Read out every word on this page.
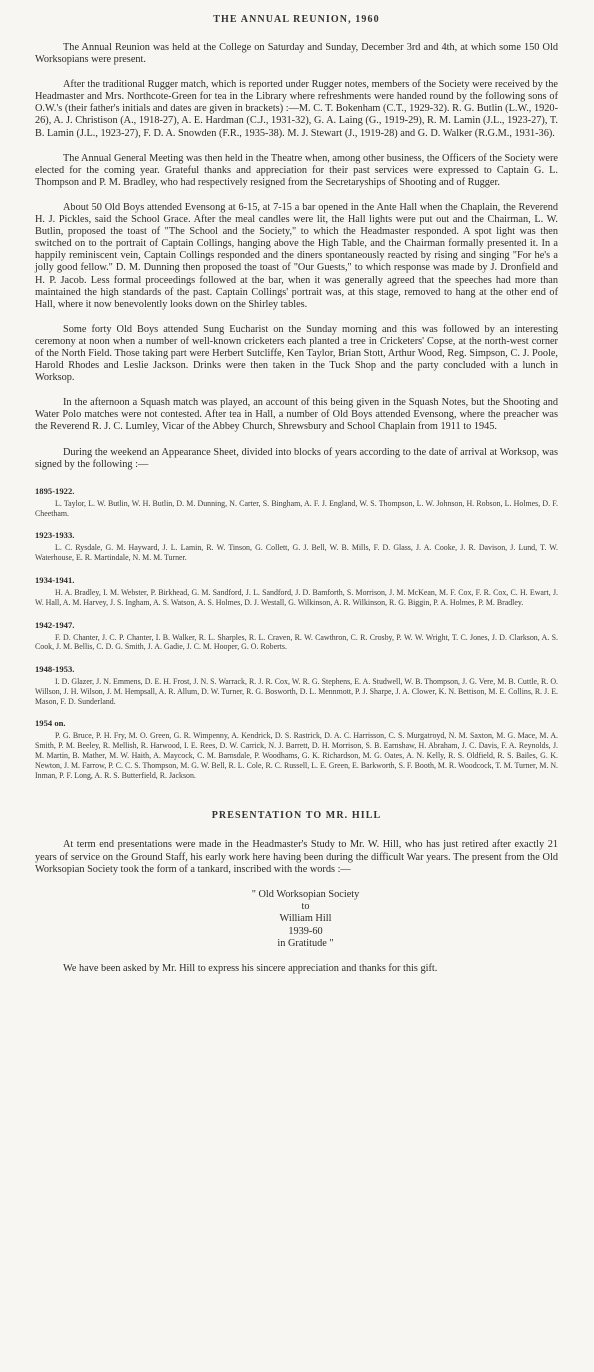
THE ANNUAL REUNION, 1960

The Annual Reunion was held at the College on Saturday and Sunday, December 3rd and 4th, at which some 150 Old Worksopians were present.

After the traditional Rugger match, which is reported under Rugger notes, members of the Society were received by the Headmaster and Mrs. Northcote-Green for tea in the Library where refreshments were handed round by the following sons of O.W.'s (their father's initials and dates are given in brackets) :—M. C. T. Bokenham (C.T., 1929-32). R. G. Butlin (L.W., 1920-26), A. J. Christison (A., 1918-27), A. E. Hardman (C.J., 1931-32), G. A. Laing (G., 1919-29), R. M. Lamin (J.L., 1923-27), T. B. Lamin (J.L., 1923-27), F. D. A. Snowden (F.R., 1935-38). M. J. Stewart (J., 1919-28) and G. D. Walker (R.G.M., 1931-36).

The Annual General Meeting was then held in the Theatre when, among other business, the Officers of the Society were elected for the coming year. Grateful thanks and appreciation for their past services were expressed to Captain G. L. Thompson and P. M. Bradley, who had respectively resigned from the Secretaryships of Shooting and of Rugger.

About 50 Old Boys attended Evensong at 6-15, at 7-15 a bar opened in the Ante Hall when the Chaplain, the Reverend H. J. Pickles, said the School Grace. After the meal candles were lit, the Hall lights were put out and the Chairman, L. W. Butlin, proposed the toast of "The School and the Society," to which the Headmaster responded. A spot light was then switched on to the portrait of Captain Collings, hanging above the High Table, and the Chairman formally presented it. In a happily reminiscent vein, Captain Collings responded and the diners spontaneously reacted by rising and singing "For he's a jolly good fellow." D. M. Dunning then proposed the toast of "Our Guests," to which response was made by J. Dronfield and H. P. Jacob. Less formal proceedings followed at the bar, when it was generally agreed that the speeches had more than maintained the high standards of the past. Captain Collings' portrait was, at this stage, removed to hang at the other end of Hall, where it now benevolently looks down on the Shirley tables.

Some forty Old Boys attended Sung Eucharist on the Sunday morning and this was followed by an interesting ceremony at noon when a number of well-known cricketers each planted a tree in Cricketers' Copse, at the north-west corner of the North Field. Those taking part were Herbert Sutcliffe, Ken Taylor, Brian Stott, Arthur Wood, Reg. Simpson, C. J. Poole, Harold Rhodes and Leslie Jackson. Drinks were then taken in the Tuck Shop and the party concluded with a lunch in Worksop.

In the afternoon a Squash match was played, an account of this being given in the Squash Notes, but the Shooting and Water Polo matches were not contested. After tea in Hall, a number of Old Boys attended Evensong, where the preacher was the Reverend R. J. C. Lumley, Vicar of the Abbey Church, Shrewsbury and School Chaplain from 1911 to 1945.

During the weekend an Appearance Sheet, divided into blocks of years according to the date of arrival at Worksop, was signed by the following :—

1895-1922.

L. Taylor, L. W. Butlin, W. H. Butlin, D. M. Dunning, N. Carter, S. Bingham, A. F. J. England, W. S. Thompson, L. W. Johnson, H. Robson, L. Holmes, D. F. Cheetham.

1923-1933.

L. C. Rysdale, G. M. Hayward, J. L. Lamin, R. W. Tinson, G. Collett, G. J. Bell, W. B. Mills, F. D. Glass, J. A. Cooke, J. R. Davison, J. Lund, T. W. Waterhouse, E. R. Martindale, N. M. M. Turner.

1934-1941.

H. A. Bradley, I. M. Webster, P. Birkhead, G. M. Sandford, J. L. Sandford, J. D. Bamforth, S. Morrison, J. M. McKean, M. F. Cox, F. R. Cox, C. H. Ewart, J. W. Hall, A. M. Harvey, J. S. Ingham, A. S. Watson, A. S. Holmes, D. J. Westall, G. Wilkinson, A. R. Wilkinson, R. G. Biggin, P. A. Holmes, P. M. Bradley.

1942-1947.

F. D. Chanter, J. C. P. Chanter, I. B. Walker, R. L. Sharples, R. L. Craven, R. W. Cawthron, C. R. Crosby, P. W. W. Wright, T. C. Jones, J. D. Clarkson, A. S. Cook, J. M. Bellis, C. D. G. Smith, J. A. Gadie, J. C. M. Hooper, G. O. Roberts.

1948-1953.

I. D. Glazer, J. N. Emmens, D. E. H. Frost, J. N. S. Warrack, R. J. R. Cox, W. R. G. Stephens, E. A. Studwell, W. B. Thompson, J. G. Vere, M. B. Cuttle, R. O. Willson, J. H. Wilson, J. M. Hempsall, A. R. Allum, D. W. Turner, R. G. Bosworth, D. L. Mennmott, P. J. Sharpe, J. A. Clower, K. N. Bettison, M. E. Collins, R. J. E. Mason, F. D. Sunderland.

1954 on.

P. G. Bruce, P. H. Fry, M. O. Green, G. R. Wimpenny, A. Kendrick, D. S. Rastrick, D. A. C. Harrisson, C. S. Murgatroyd, N. M. Saxton, M. G. Mace, M. A. Smith, P. M. Beeley, R. Mellish, R. Harwood, I. E. Rees, D. W. Carrick, N. J. Barrett, D. H. Morrison, S. B. Earnshaw, H. Abraham, J. C. Davis, F. A. Reynolds, J. M. Martin, B. Mather, M. W. Haith, A. Maycock, C. M. Barnsdale, P. Woodhams, G. K. Richardson, M. G. Oates, A. N. Kelly, R. S. Oldfield, R. S. Bailes, G. K. Newton, J. M. Farrow, P. C. C. S. Thompson, M. G. W. Bell, R. L. Cole, R. C. Russell, L. E. Green, E. Barkworth, S. F. Booth, M. R. Woodcock, T. M. Turner, M. N. Inman, P. F. Long, A. R. S. Butterfield, R. Jackson.

PRESENTATION TO MR. HILL

At term end presentations were made in the Headmaster's Study to Mr. W. Hill, who has just retired after exactly 21 years of service on the Ground Staff, his early work here having been during the difficult War years. The present from the Old Worksopian Society took the form of a tankard, inscribed with the words :—

" Old Worksopian Society
to
William Hill
1939-60
in Gratitude "

We have been asked by Mr. Hill to express his sincere appreciation and thanks for this gift.
